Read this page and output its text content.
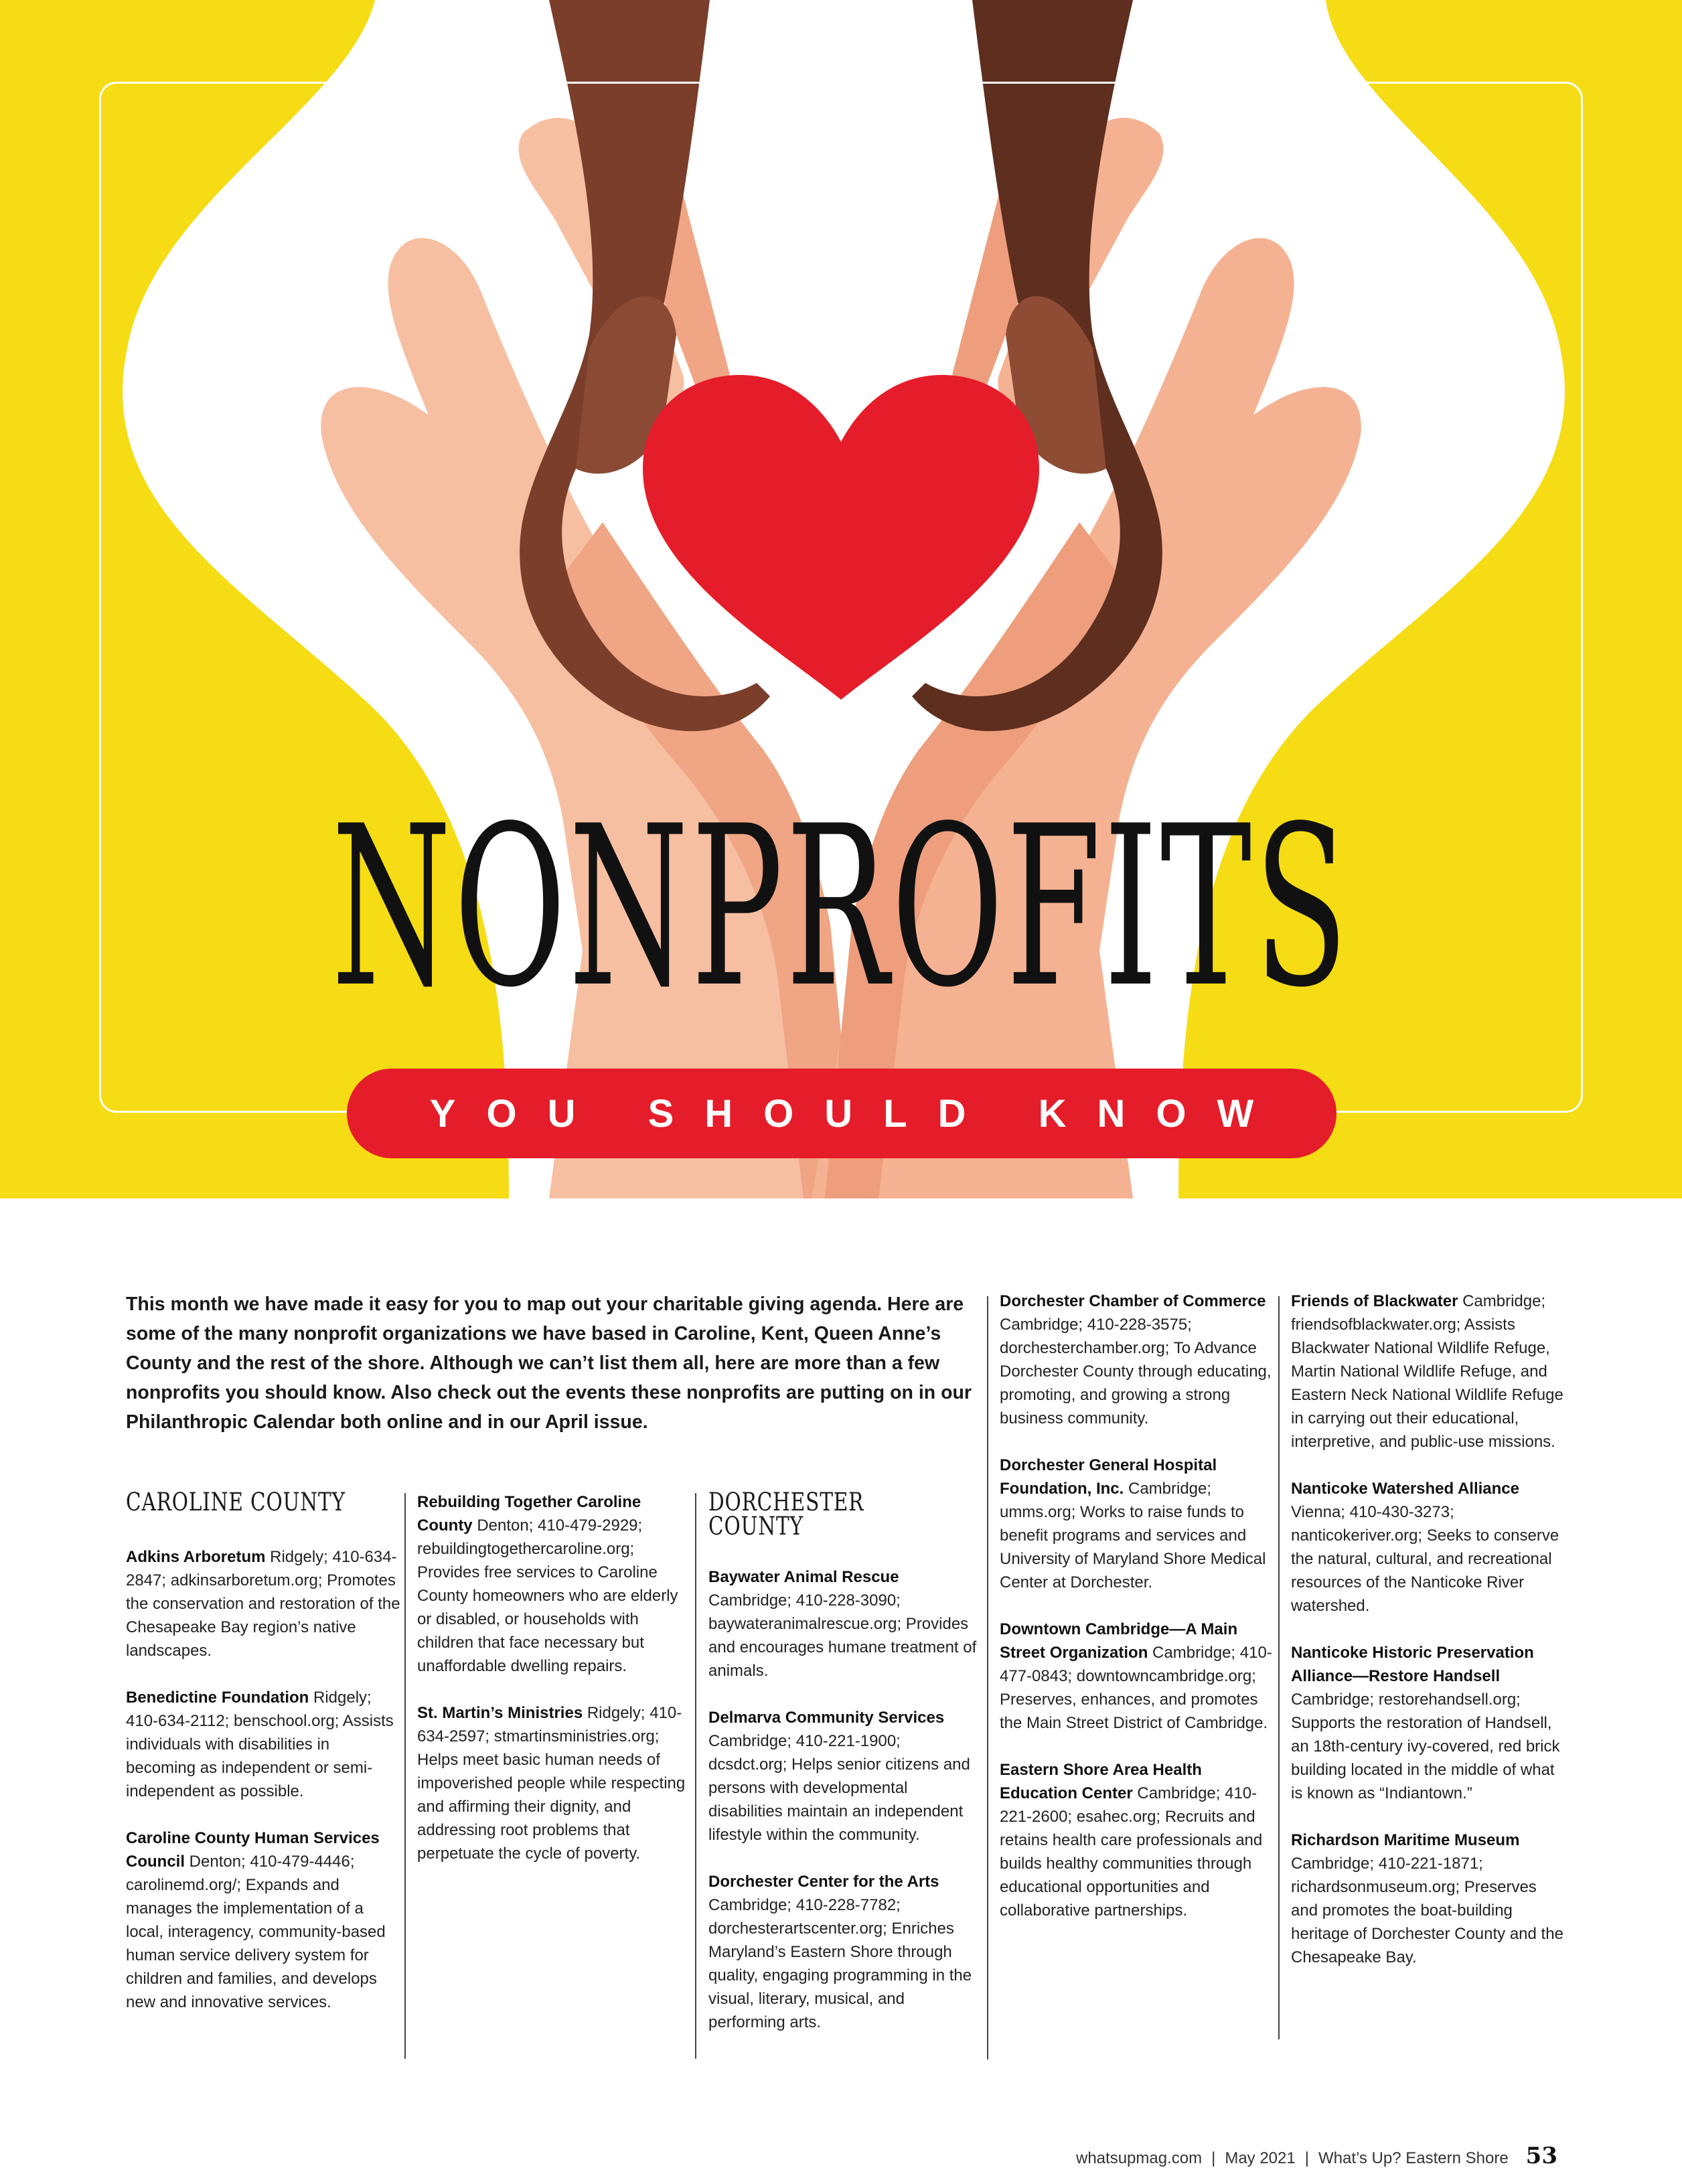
NONPROFITS
YOU SHOULD KNOW

This month we have made it easy for you to map out your charitable giving agenda. Here are some of the many nonprofit organizations we have based in Caroline, Kent, Queen Anne’s County and the rest of the shore. Although we can’t list them all, here are more than a few nonprofits you should know. Also check out the events these nonprofits are putting on in our Philanthropic Calendar both online and in our April issue.

CAROLINE COUNTY

Adkins Arboretum Ridgely; 410-634-2847; adkinsarboretum.org; Promotes the conservation and restoration of the Chesapeake Bay region’s native landscapes.

Benedictine Foundation Ridgely; 410-634-2112; benschool.org; Assists individuals with disabilities in becoming as independent or semi-independent as possible.

Caroline County Human Services Council Denton; 410-479-4446; carolinemd.org/; Expands and manages the implementation of a local, interagency, community-based human service delivery system for children and families, and develops new and innovative services.

Rebuilding Together Caroline County Denton; 410-479-2929; rebuildingtogethercaroline.org; Provides free services to Caroline County homeowners who are elderly or disabled, or households with children that face necessary but unaffordable dwelling repairs.

St. Martin’s Ministries Ridgely; 410-634-2597; stmartinsministries.org; Helps meet basic human needs of impoverished people while respecting and affirming their dignity, and addressing root problems that perpetuate the cycle of poverty.

DORCHESTER
COUNTY

Baywater Animal Rescue Cambridge; 410-228-3090; baywateranimalrescue.org; Provides and encourages humane treatment of animals.

Delmarva Community Services Cambridge; 410-221-1900; dcsdct.org; Helps senior citizens and persons with developmental disabilities maintain an independent lifestyle within the community.

Dorchester Center for the Arts Cambridge; 410-228-7782; dorchesterartscenter.org; Enriches Maryland’s Eastern Shore through quality, engaging programming in the visual, literary, musical, and performing arts.

Dorchester Chamber of Commerce Cambridge; 410-228-3575; dorchesterchamber.org; To Advance Dorchester County through educating, promoting, and growing a strong business community.

Dorchester General Hospital Foundation, Inc. Cambridge; umms.org; Works to raise funds to benefit programs and services and University of Maryland Shore Medical Center at Dorchester.

Downtown Cambridge—A Main Street Organization Cambridge; 410-477-0843; downtowncambridge.org; Preserves, enhances, and promotes the Main Street District of Cambridge.

Eastern Shore Area Health Education Center Cambridge; 410-221-2600; esahec.org; Recruits and retains health care professionals and builds healthy communities through educational opportunities and collaborative partnerships.

Friends of Blackwater Cambridge; friendsofblackwater.org; Assists Blackwater National Wildlife Refuge, Martin National Wildlife Refuge, and Eastern Neck National Wildlife Refuge in carrying out their educational, interpretive, and public-use missions.

Nanticoke Watershed Alliance Vienna; 410-430-3273; nanticokeriver.org; Seeks to conserve the natural, cultural, and recreational resources of the Nanticoke River watershed.

Nanticoke Historic Preservation Alliance—Restore Handsell Cambridge; restorehandsell.org; Supports the restoration of Handsell, an 18th-century ivy-covered, red brick building located in the middle of what is known as “Indiantown.”

Richardson Maritime Museum Cambridge; 410-221-1871; richardsonmuseum.org; Preserves and promotes the boat-building heritage of Dorchester County and the Chesapeake Bay.

whatsupmag.com | May 2021 | What’s Up? Eastern Shore 53
